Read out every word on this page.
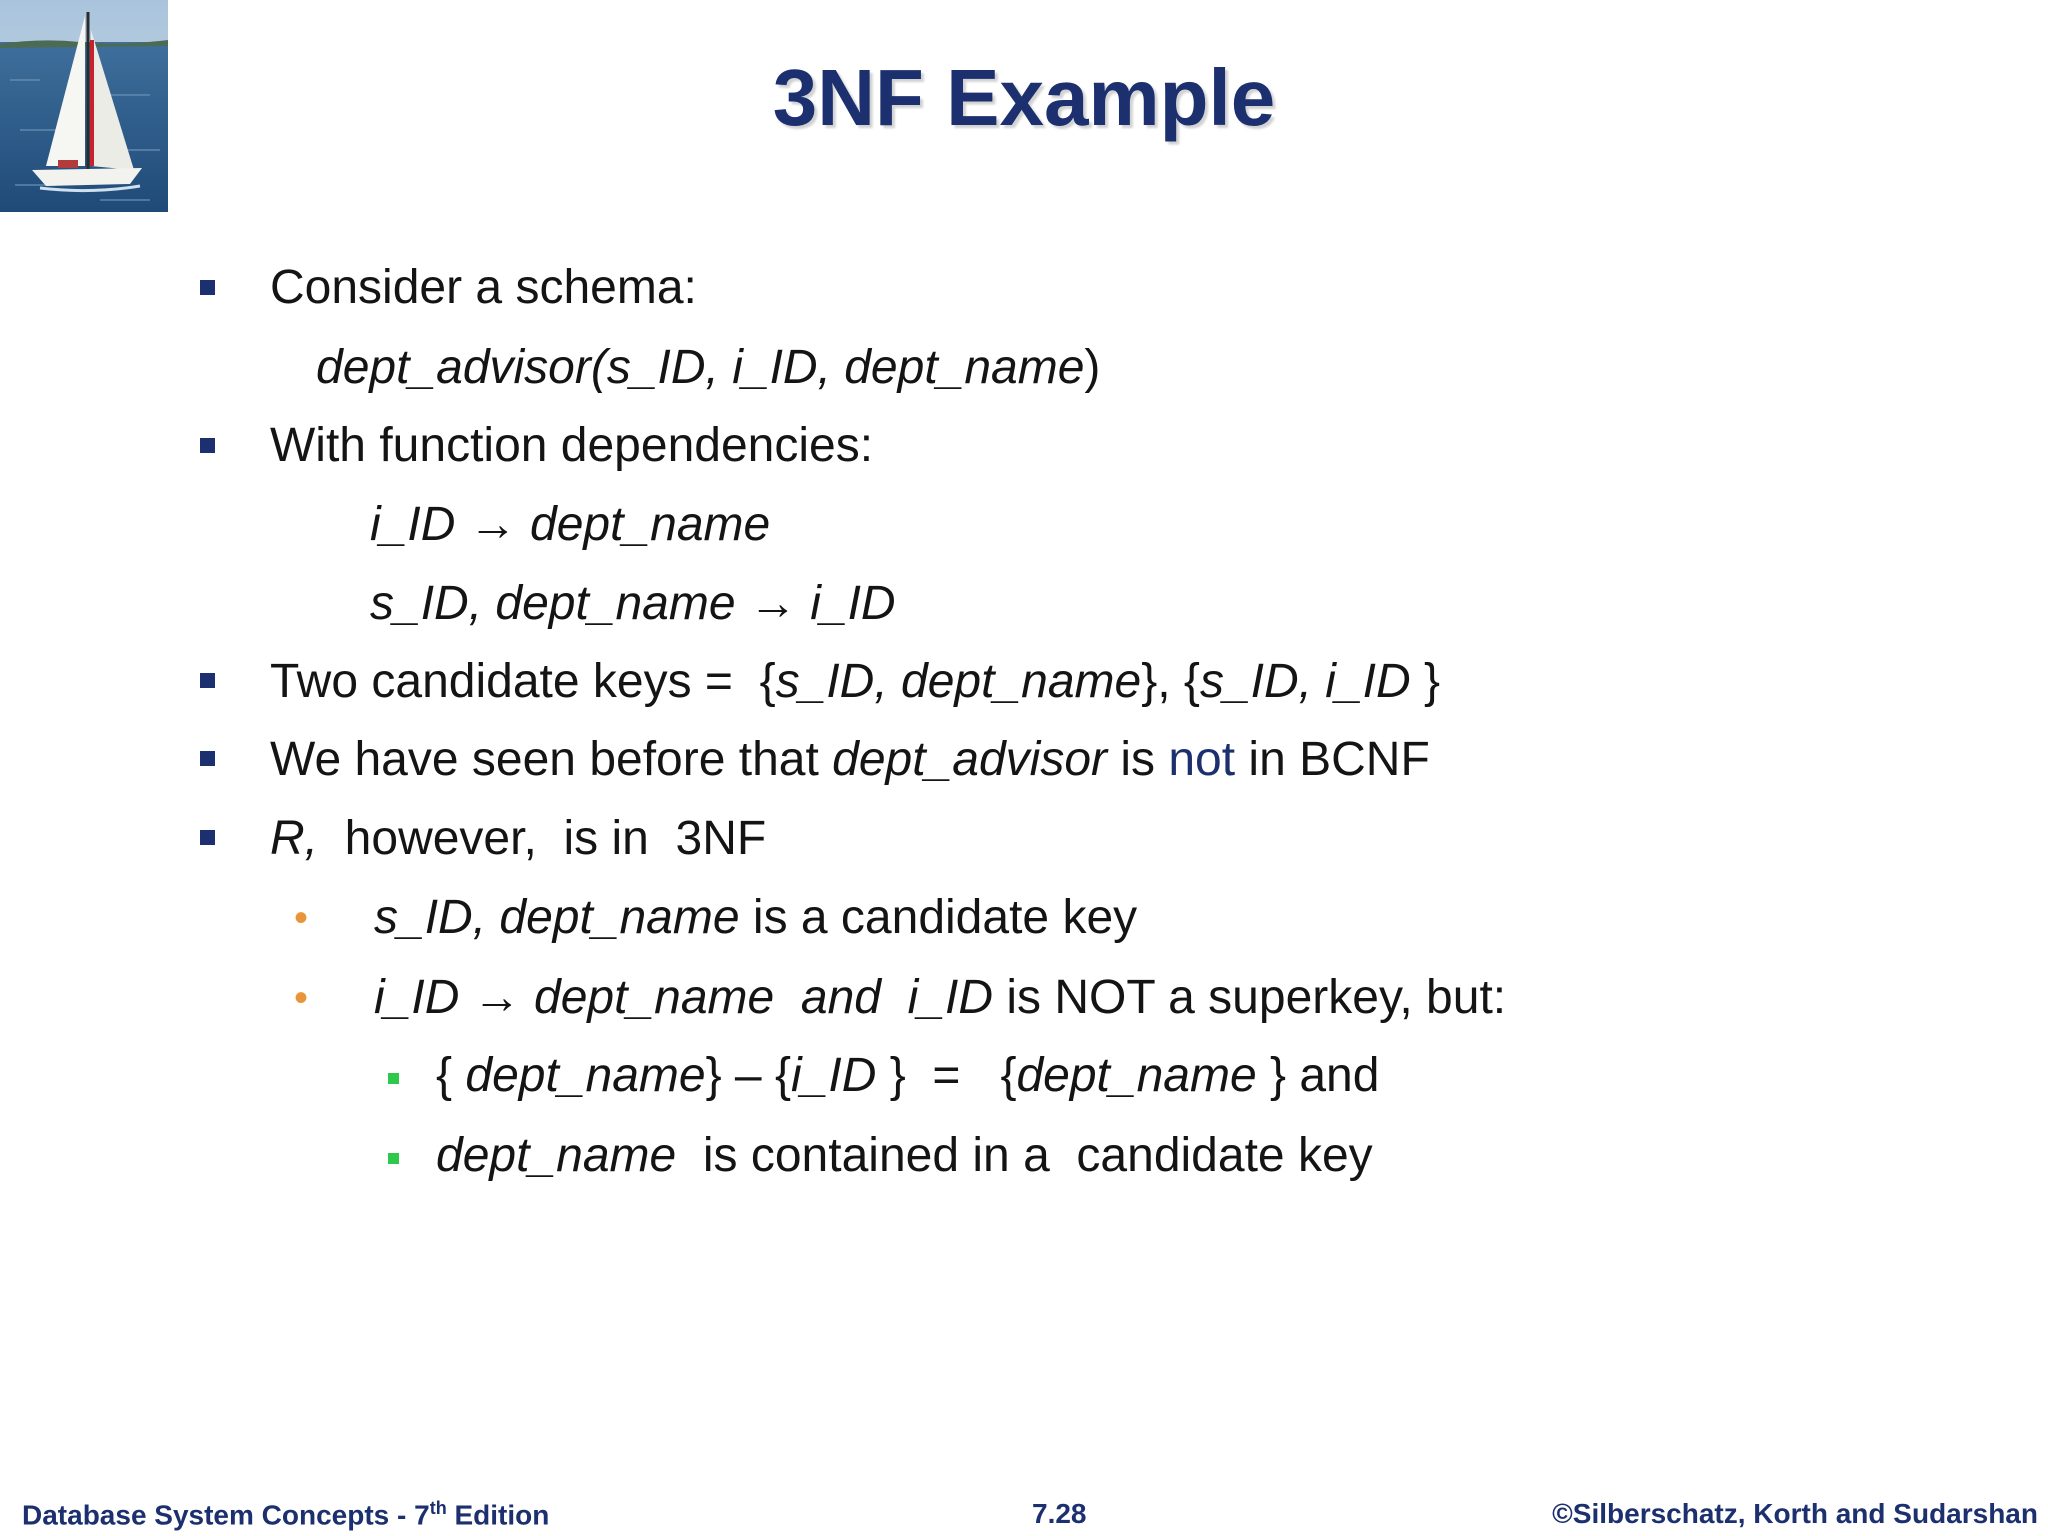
3NF Example
Consider a schema:
dept_advisor(s_ID, i_ID, dept_name)
With function dependencies:
i_ID → dept_name
s_ID, dept_name → i_ID
Two candidate keys =  {s_ID, dept_name}, {s_ID, i_ID }
We have seen before that dept_advisor is not in BCNF
R,  however,  is in  3NF
• s_ID, dept_name is a candidate key
• i_ID → dept_name  and  i_ID is NOT a superkey, but:
{ dept_name} – {i_ID }  =   {dept_name } and
dept_name  is contained in a  candidate key
Database System Concepts - 7th Edition	7.28	©Silberschatz, Korth and Sudarshan
